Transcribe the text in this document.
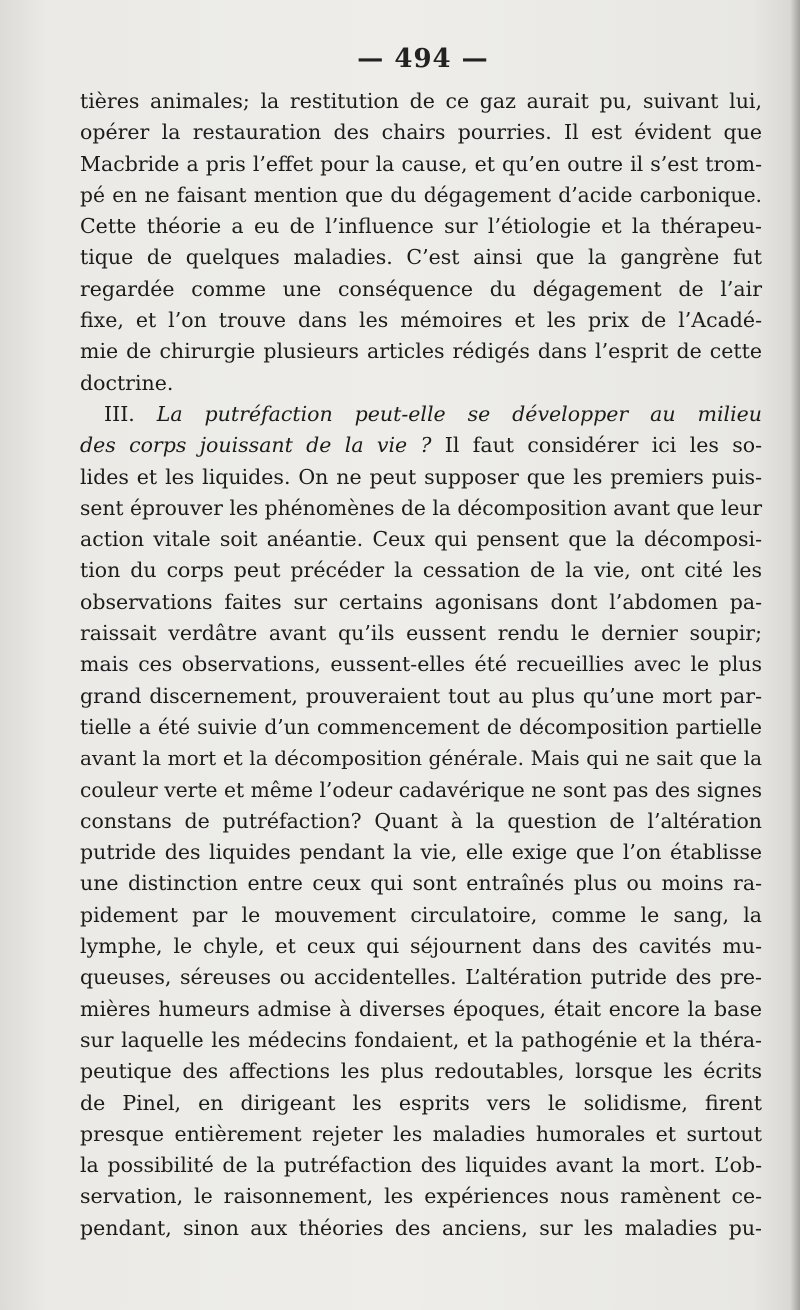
— 494 —
tières animales; la restitution de ce gaz aurait pu, suivant lui,
opérer la restauration des chairs pourries. Il est évident que
Macbride a pris l’effet pour la cause, et qu’en outre il s’est trom-
pé en ne faisant mention que du dégagement d’acide carbonique.
Cette théorie a eu de l’influence sur l’étiologie et la thérapeu-
tique de quelques maladies. C’est ainsi que la gangrène fut
regardée comme une conséquence du dégagement de l’air
fixe, et l’on trouve dans les mémoires et les prix de l’Acadé-
mie de chirurgie plusieurs articles rédigés dans l’esprit de cette
doctrine.
III. La putréfaction peut-elle se développer au milieu
des corps jouissant de la vie ? Il faut considérer ici les so-
lides et les liquides. On ne peut supposer que les premiers puis-
sent éprouver les phénomènes de la décomposition avant que leur
action vitale soit anéantie. Ceux qui pensent que la décomposi-
tion du corps peut précéder la cessation de la vie, ont cité les
observations faites sur certains agonisans dont l’abdomen pa-
raissait verdâtre avant qu’ils eussent rendu le dernier soupir;
mais ces observations, eussent-elles été recueillies avec le plus
grand discernement, prouveraient tout au plus qu’une mort par-
tielle a été suivie d’un commencement de décomposition partielle
avant la mort et la décomposition générale. Mais qui ne sait que la
couleur verte et même l’odeur cadavérique ne sont pas des signes
constans de putréfaction? Quant à la question de l’altération
putride des liquides pendant la vie, elle exige que l’on établisse
une distinction entre ceux qui sont entraînés plus ou moins ra-
pidement par le mouvement circulatoire, comme le sang, la
lymphe, le chyle, et ceux qui séjournent dans des cavités mu-
queuses, séreuses ou accidentelles. L’altération putride des pre-
mières humeurs admise à diverses époques, était encore la base
sur laquelle les médecins fondaient, et la pathogénie et la théra-
peutique des affections les plus redoutables, lorsque les écrits
de Pinel, en dirigeant les esprits vers le solidisme, firent
presque entièrement rejeter les maladies humorales et surtout
la possibilité de la putréfaction des liquides avant la mort. L’ob-
servation, le raisonnement, les expériences nous ramènent ce-
pendant, sinon aux théories des anciens, sur les maladies pu-
